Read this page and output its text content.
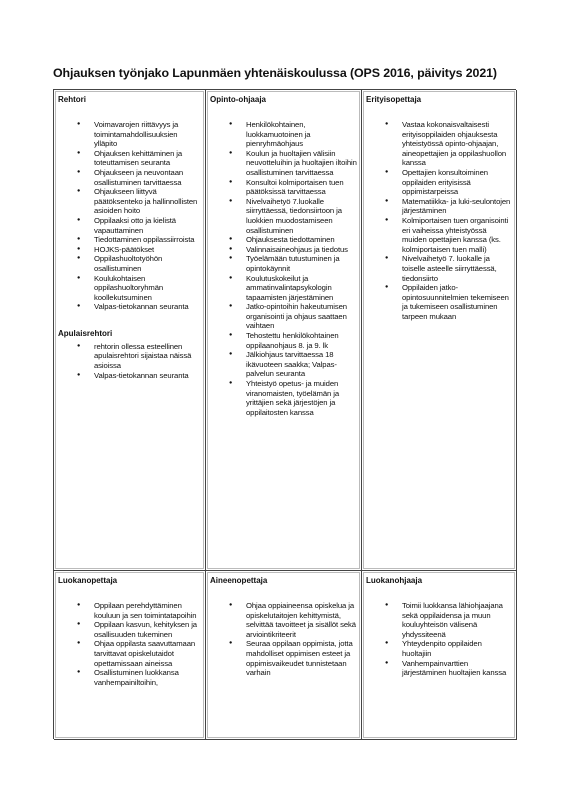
Ohjauksen työnjako Lapunmäen yhtenäiskoulussa (OPS 2016, päivitys 2021)
Rehtori
● Voimavarojen riittävyys ja toimintamahdollisuuksien ylläpito
● Ohjauksen kehittäminen ja toteuttamisen seuranta
● Ohjaukseen ja neuvontaan osallistuminen tarvittaessa
● Ohjaukseen liittyvä päätöksenteko ja hallinnollisten asioiden hoito
● Oppilaaksi otto ja kielistä vapauttaminen
● Tiedottaminen oppilassiirroista
● HOJKS-päätökset
● Oppilashuoltotyöhön osallistuminen
● Koulukohtaisen oppilashuoltoryhmän koollekutsuminen
● Valpas-tietokannan seuranta
Apulaisrehtori
● rehtorin ollessa esteellinen apulaisrehtori sijaistaa näissä asioissa
● Valpas-tietokannan seuranta
Opinto-ohjaaja
● Henkilökohtainen, luokkamuotoinen ja pienryhmäohjaus
● Koulun ja huoltajien välisiin neuvotteluihin ja huoltajien iltoihin osallistuminen tarvittaessa
● Konsultoi kolmiportaisen tuen päätöksissä tarvittaessa
● Nivelvaihetyö 7.luokalle siirryttäessä, tiedonsiirtoon ja luokkien muodostamiseen osallistuminen
● Ohjauksesta tiedottaminen
● Valinnaisaineohjaus ja tiedotus
● Työelämään tutustuminen ja opintokäynnit
● Koulutuskokeilut ja ammatinvalintapsykologin tapaamisten järjestäminen
● Jatko-opintoihin hakeutumisen organisointi ja ohjaus saattaen vaihtaen
● Tehostettu henkilökohtainen oppilaanohjaus 8. ja 9. lk
● Jälkiohjaus tarvittaessa 18 ikävuoteen saakka; Valpas-palvelun seuranta
● Yhteistyö opetus- ja muiden viranomaisten, työelämän ja yrittäjien sekä järjestöjen ja oppilaitosten kanssa
Erityisopettaja
● Vastaa kokonaisvaltaisesti erityisoppilaiden ohjauksesta yhteistyössä opinto-ohjaajan, aineopettajien ja oppilashuollon kanssa
● Opettajien konsultoiminen oppilaiden erityisissä oppimistarpeissa
● Matematiikka- ja luki-seulontojen järjestäminen
● Kolmiportaisen tuen organisointi eri vaiheissa yhteistyössä muiden opettajien kanssa (ks. kolmiportaisen tuen malli)
● Nivelvaihetyö 7. luokalle ja toiselle asteelle siirryttäessä, tiedonsiirto
● Oppilaiden jatko-opintosuunnitelmien tekemiseen ja tukemiseen osallistuminen tarpeen mukaan
Luokanopettaja
● Oppilaan perehdyttäminen kouluun ja sen toimintatapoihin
● Oppilaan kasvun, kehityksen ja osallisuuden tukeminen
● Ohjaa oppilasta saavuttamaan tarvittavat opiskelutaidot opettamissaan aineissa
● Osallistuminen luokkansa vanhempainiltoihin,
Aineenopettaja
● Ohjaa oppiaineensa opiskelua ja opiskelutaitojen kehittymistä, selvittää tavoitteet ja sisällöt sekä arviointikriteerit
● Seuraa oppilaan oppimista, jotta mahdolliset oppimisen esteet ja oppimisvaikeudet tunnistetaan varhain
Luokanohjaaja
● Toimii luokkansa lähiohjaajana sekä oppilaidensa ja muun kouluyhteisön välisenä yhdyssiteenä
● Yhteydenpito oppilaiden huoltajiin
● Vanhempainvarttien järjestäminen huoltajien kanssa
